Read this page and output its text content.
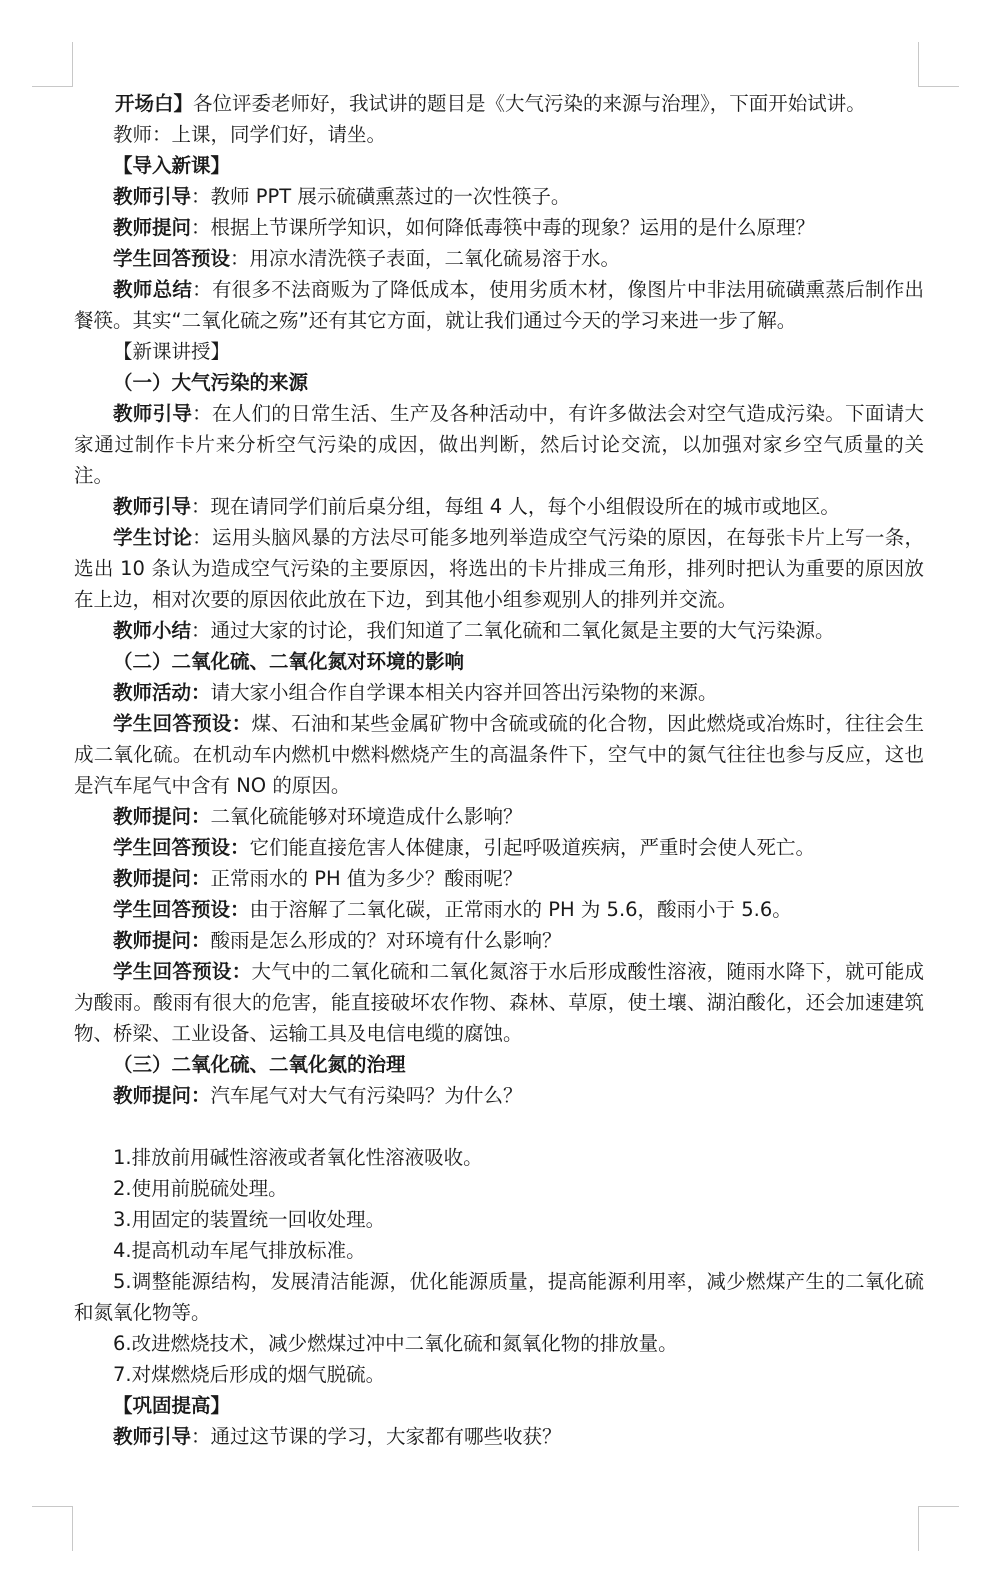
开场白】各位评委老师好，我试讲的题目是《大气污染的来源与治理》，下面开始试讲。

教师：上课，同学们好，请坐。

【导入新课】

教师引导：教师 PPT 展示硫磺熏蒸过的一次性筷子。

教师提问：根据上节课所学知识，如何降低毒筷中毒的现象？运用的是什么原理？

学生回答预设：用凉水清洗筷子表面，二氧化硫易溶于水。

教师总结：有很多不法商贩为了降低成本，使用劣质木材，像图片中非法用硫磺熏蒸后制作出餐筷。其实“二氧化硫之殇”还有其它方面，就让我们通过今天的学习来进一步了解。

【新课讲授】

（一）大气污染的来源

教师引导：在人们的日常生活、生产及各种活动中，有许多做法会对空气造成污染。下面请大家通过制作卡片来分析空气污染的成因，做出判断，然后讨论交流，以加强对家乡空气质量的关注。

教师引导：现在请同学们前后桌分组，每组 4 人，每个小组假设所在的城市或地区。

学生讨论：运用头脑风暴的方法尽可能多地列举造成空气污染的原因，在每张卡片上写一条，选出 10 条认为造成空气污染的主要原因，将选出的卡片排成三角形，排列时把认为重要的原因放在上边，相对次要的原因依此放在下边，到其他小组参观别人的排列并交流。

教师小结：通过大家的讨论，我们知道了二氧化硫和二氧化氮是主要的大气污染源。

（二）二氧化硫、二氧化氮对环境的影响

教师活动：请大家小组合作自学课本相关内容并回答出污染物的来源。

学生回答预设：煤、石油和某些金属矿物中含硫或硫的化合物，因此燃烧或冶炼时，往往会生成二氧化硫。在机动车内燃机中燃料燃烧产生的高温条件下，空气中的氮气往往也参与反应，这也是汽车尾气中含有 NO 的原因。

教师提问：二氧化硫能够对环境造成什么影响？

学生回答预设：它们能直接危害人体健康，引起呼吸道疾病，严重时会使人死亡。

教师提问：正常雨水的 PH 值为多少？酸雨呢？

学生回答预设：由于溶解了二氧化碳，正常雨水的 PH 为 5.6，酸雨小于 5.6。

教师提问：酸雨是怎么形成的？对环境有什么影响？

学生回答预设：大气中的二氧化硫和二氧化氮溶于水后形成酸性溶液，随雨水降下，就可能成为酸雨。酸雨有很大的危害，能直接破坏农作物、森林、草原，使土壤、湖泊酸化，还会加速建筑物、桥梁、工业设备、运输工具及电信电缆的腐蚀。

（三）二氧化硫、二氧化氮的治理

教师提问：汽车尾气对大气有污染吗？为什么？

1.排放前用碱性溶液或者氧化性溶液吸收。

2.使用前脱硫处理。

3.用固定的装置统一回收处理。

4.提高机动车尾气排放标准。

5.调整能源结构，发展清洁能源，优化能源质量，提高能源利用率，减少燃煤产生的二氧化硫和氮氧化物等。

6.改进燃烧技术，减少燃煤过冲中二氧化硫和氮氧化物的排放量。

7.对煤燃烧后形成的烟气脱硫。

【巩固提高】

教师引导：通过这节课的学习，大家都有哪些收获？
